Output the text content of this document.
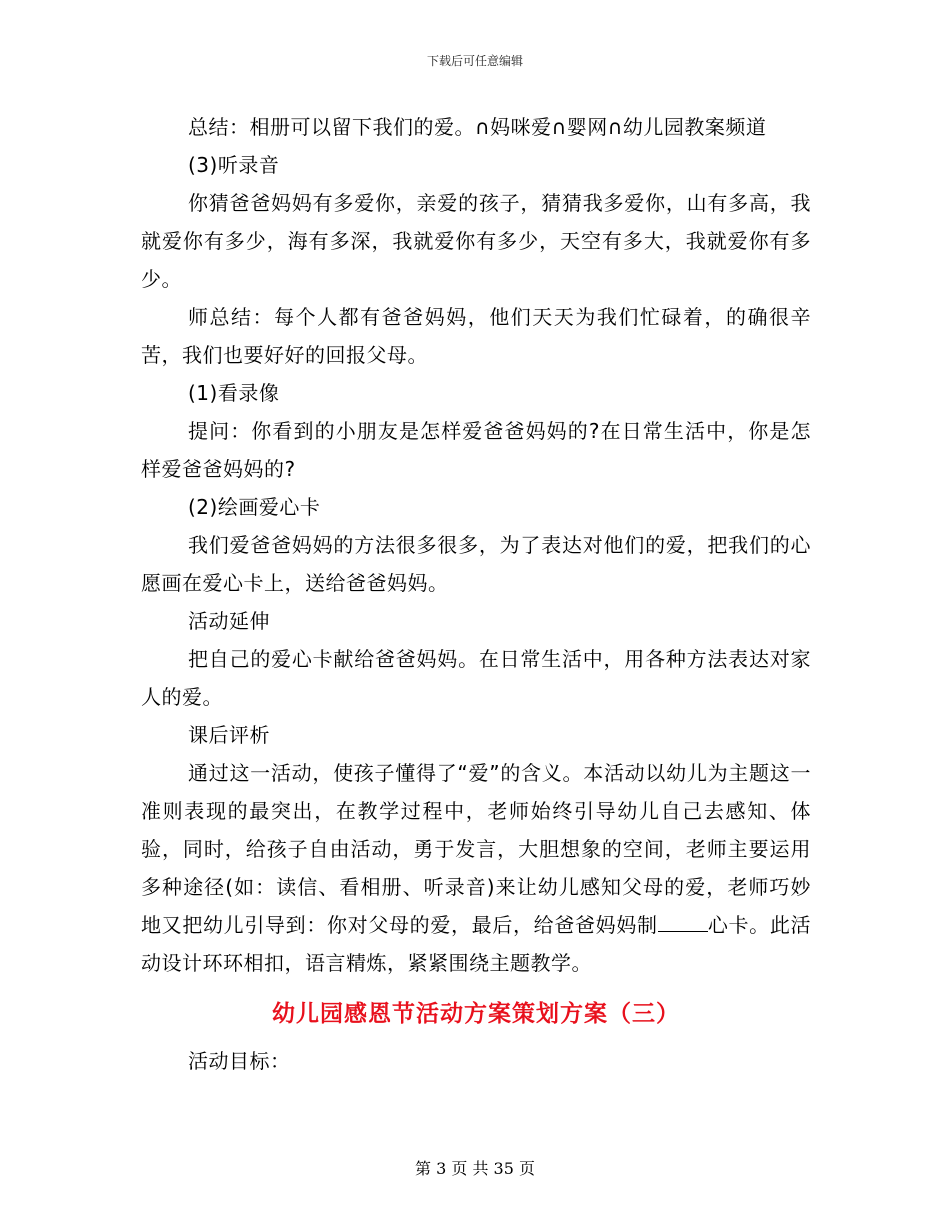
下载后可任意编辑

总结：相册可以留下我们的爱。∩妈咪爱∩婴网∩幼儿园教案频道

(3)听录音

你猜爸爸妈妈有多爱你，亲爱的孩子，猜猜我多爱你，山有多高，我就爱你有多少，海有多深，我就爱你有多少，天空有多大，我就爱你有多少。

师总结：每个人都有爸爸妈妈，他们天天为我们忙碌着，的确很辛苦，我们也要好好的回报父母。

(1)看录像

提问：你看到的小朋友是怎样爱爸爸妈妈的?在日常生活中，你是怎样爱爸爸妈妈的?

(2)绘画爱心卡

我们爱爸爸妈妈的方法很多很多，为了表达对他们的爱，把我们的心愿画在爱心卡上，送给爸爸妈妈。

活动延伸

把自己的爱心卡献给爸爸妈妈。在日常生活中，用各种方法表达对家人的爱。

课后评析

通过这一活动，使孩子懂得了“爱”的含义。本活动以幼儿为主题这一准则表现的最突出，在教学过程中，老师始终引导幼儿自己去感知、体验，同时，给孩子自由活动，勇于发言，大胆想象的空间，老师主要运用多种途径(如：读信、看相册、听录音)来让幼儿感知父母的爱，老师巧妙地又把幼儿引导到：你对父母的爱，最后，给爸爸妈妈制	心卡。此活动设计环环相扣，语言精炼，紧紧围绕主题教学。

幼儿园感恩节活动方案策划方案（三）

活动目标：

第 3 页 共 35 页
